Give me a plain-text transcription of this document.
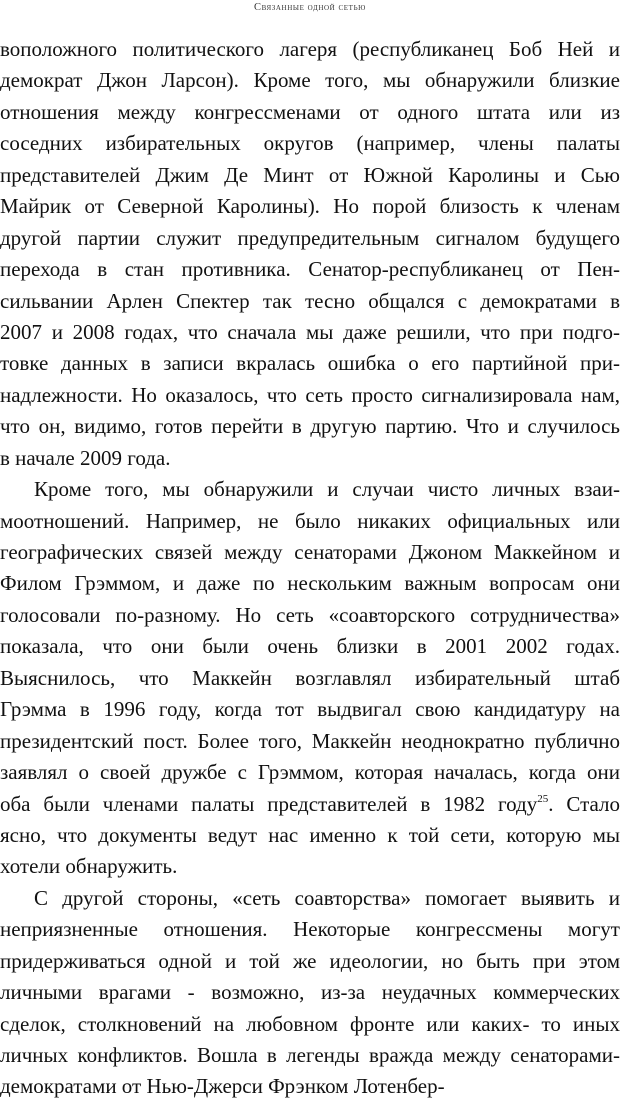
Связанные одной сетью
воположного политического лагеря (республиканец Боб Ней и
демократ Джон Ларсон). Кроме того, мы обнаружили близкие
отношения между конгрессменами от одного штата или из
соседних избирательных округов (например, члены палаты
представителей Джим Де Минт от Южной Каролины и Сью
Майрик от Северной Каролины). Но порой близость к членам
другой партии служит предупредительным сигналом будущего
перехода в стан противника. Сенатор-республиканец от Пен-
сильвании Арлен Спектер так тесно общался с демократами в
2007 и 2008 годах, что сначала мы даже решили, что при подго-
товке данных в записи вкралась ошибка о его партийной при-
надлежности. Но оказалось, что сеть просто сигнализировала нам,
что он, видимо, готов перейти в другую партию. Что и случилось
в начале 2009 года.
Кроме того, мы обнаружили и случаи чисто личных взаи-
моотношений. Например, не было никаких официальных или
географических связей между сенаторами Джоном Маккейном и
Филом Грэммом, и даже по нескольким важным вопросам они
голосовали по-разному. Но сеть «соавторского сотрудничества»
показала, что они были очень близки в 2001 2002 годах.
Выяснилось, что Маккейн возглавлял избирательный штаб
Грэмма в 1996 году, когда тот выдвигал свою кандидатуру на
президентский пост. Более того, Маккейн неоднократно публично
заявлял о своей дружбе с Грэммом, которая началась, когда они
оба были членами палаты представителей в 1982 году$^{25}$. Стало
ясно, что документы ведут нас именно к той сети, которую мы
хотели обнаружить.
С другой стороны, «сеть соавторства» помогает выявить и
неприязненные отношения. Некоторые конгрессмены могут
придерживаться одной и той же идеологии, но быть при этом
личными врагами - возможно, из-за неудачных коммерческих
сделок, столкновений на любовном фронте или каких- то иных
личных конфликтов. Вошла в легенды вражда между сенаторами-
демократами от Нью-Джерси Фрэнком Лотенбер-
